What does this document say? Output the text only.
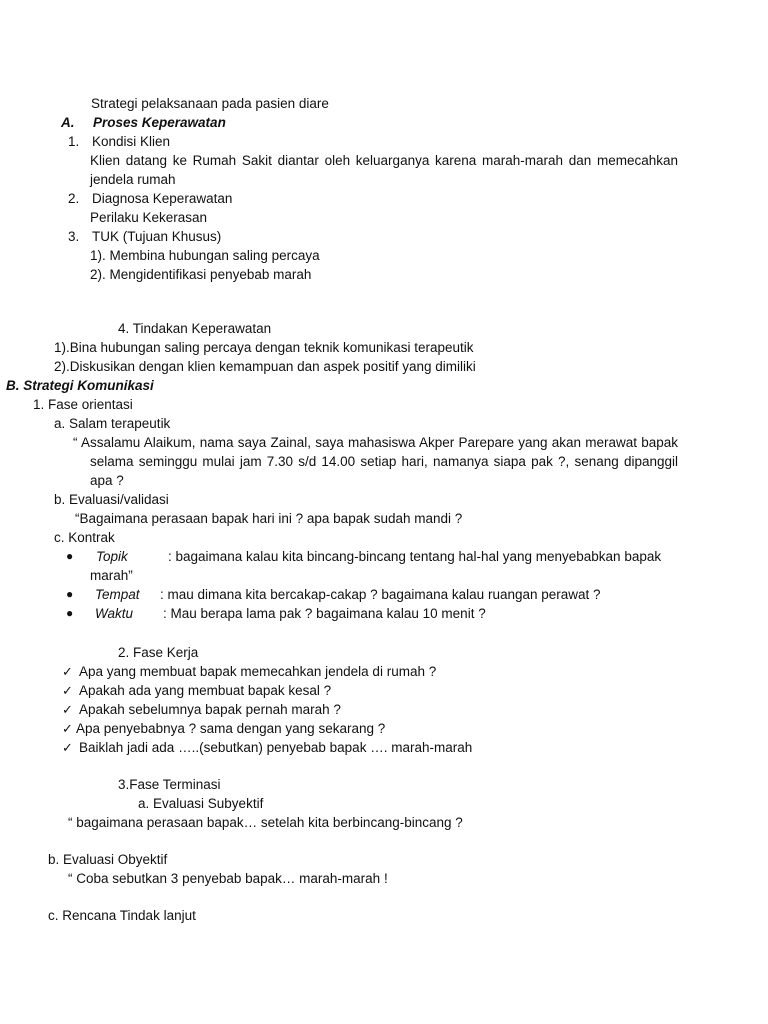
Strategi pelaksanaan pada pasien diare
A. Proses Keperawatan
1. Kondisi Klien
Klien datang ke Rumah Sakit diantar oleh keluarganya karena marah-marah dan memecahkan jendela rumah
2. Diagnosa Keperawatan
Perilaku Kekerasan
3. TUK (Tujuan Khusus)
1). Membina hubungan saling percaya
2). Mengidentifikasi penyebab marah
4. Tindakan Keperawatan
1).Bina hubungan saling percaya dengan teknik komunikasi terapeutik
2).Diskusikan dengan klien kemampuan dan aspek positif yang dimiliki
B. Strategi Komunikasi
1. Fase orientasi
a. Salam terapeutik
“ Assalamu Alaikum, nama saya Zainal, saya mahasiswa Akper Parepare yang akan merawat bapak selama seminggu mulai jam 7.30 s/d 14.00 setiap hari, namanya siapa pak ?, senang dipanggil apa ?
b. Evaluasi/validasi
“Bagaimana perasaan bapak hari ini ? apa bapak sudah mandi ?
c. Kontrak
● Topik	: bagaimana kalau kita bincang-bincang tentang hal-hal yang menyebabkan bapak
marah”
● Tempat : mau dimana kita bercakap-cakap ? bagaimana kalau ruangan perawat ?
● Waktu : Mau berapa lama pak ? bagaimana kalau 10 menit ?
2. Fase Kerja
✓ Apa yang membuat bapak memecahkan jendela di rumah ?
✓ Apakah ada yang membuat bapak kesal ?
✓ Apakah sebelumnya bapak pernah marah ?
✓ Apa penyebabnya ? sama dengan yang sekarang ?
✓ Baiklah jadi ada …..(sebutkan) penyebab bapak …. marah-marah
3.Fase Terminasi
a. Evaluasi Subyektif
“ bagaimana perasaan bapak… setelah kita berbincang-bincang ?
b. Evaluasi Obyektif
“ Coba sebutkan 3 penyebab bapak… marah-marah !
c. Rencana Tindak lanjut
